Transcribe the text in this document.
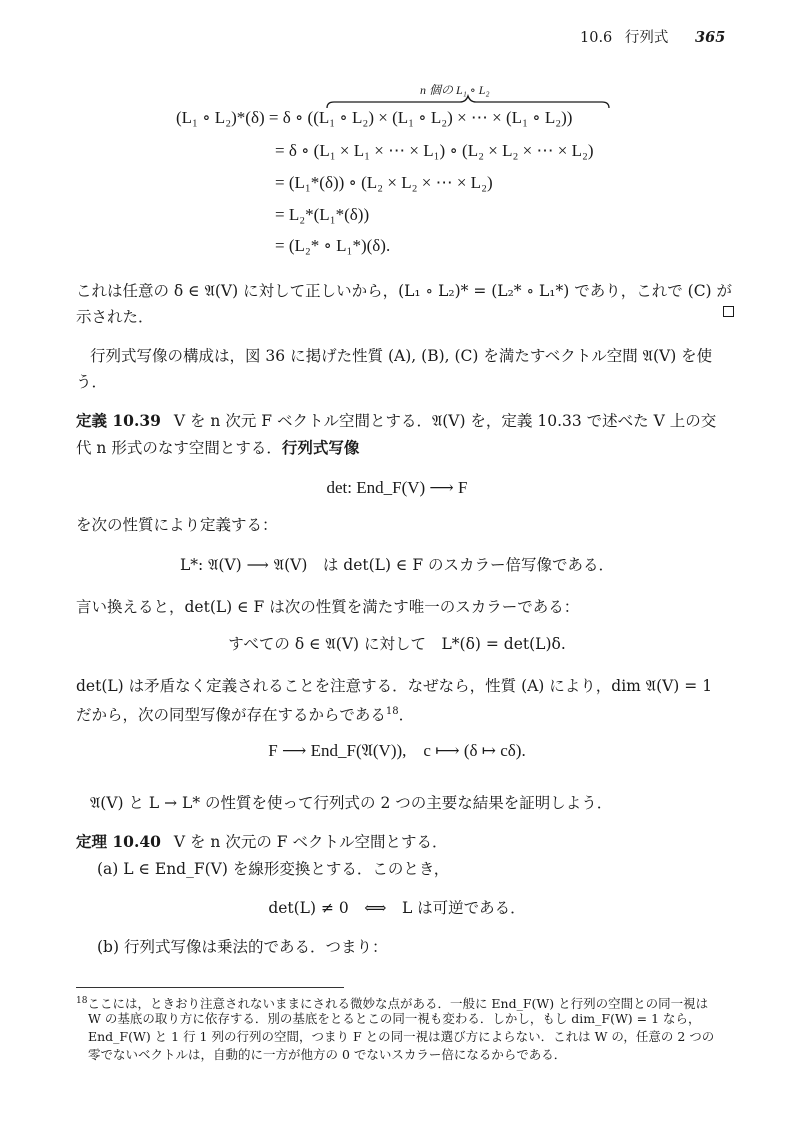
10.6 行列式 365
n 個の L₁ ∘ L₂
(L₁ ∘ L₂)*(δ) = δ ∘ ((L₁ ∘ L₂) × (L₁ ∘ L₂) × ⋯ × (L₁ ∘ L₂))
= δ ∘ (L₁ × L₁ × ⋯ × L₁) ∘ (L₂ × L₂ × ⋯ × L₂)
= (L₁*(δ)) ∘ (L₂ × L₂ × ⋯ × L₂)
= L₂*(L₁*(δ))
= (L₂* ∘ L₁*)(δ).
これは任意の δ ∈ 𝔄(V) に対して正しいから，(L₁ ∘ L₂)* = (L₂* ∘ L₁*) であり，これで (C) が
示された．
行列式写像の構成は，図 36 に掲げた性質 (A), (B), (C) を満たすベクトル空間 𝔄(V) を使
う．
定義 10.39 V を n 次元 F ベクトル空間とする．𝔄(V) を，定義 10.33 で述べた V 上の交
代 n 形式のなす空間とする．行列式写像
det: End_F(V) ⟶ F
を次の性質により定義する：
L*: 𝔄(V) ⟶ 𝔄(V)　は det(L) ∈ F のスカラー倍写像である．
言い換えると，det(L) ∈ F は次の性質を満たす唯一のスカラーである：
すべての δ ∈ 𝔄(V) に対して　L*(δ) = det(L)δ.
det(L) は矛盾なく定義されることを注意する．なぜなら，性質 (A) により，dim 𝔄(V) = 1
だから，次の同型写像が存在するからである$^{18}$．
F ⟶ End_F(𝔄(V)),　c ⟼ (δ ↦ cδ).
𝔄(V) と L → L* の性質を使って行列式の 2 つの主要な結果を証明しよう．
定理 10.40 V を n 次元の F ベクトル空間とする．
(a) L ∈ End_F(V) を線形変換とする．このとき，
det(L) ≠ 0　⟺　L は可逆である．
(b) 行列式写像は乗法的である．つまり：
$^{18}$ここには，ときおり注意されないままにされる微妙な点がある．一般に End_F(W) と行列の空間との同一視は
W の基底の取り方に依存する．別の基底をとるとこの同一視も変わる．しかし，もし dim_F(W) = 1 なら，
End_F(W) と 1 行 1 列の行列の空間，つまり F との同一視は選び方によらない．これは W の，任意の 2 つの
零でないベクトルは，自動的に一方が他方の 0 でないスカラー倍になるからである．
